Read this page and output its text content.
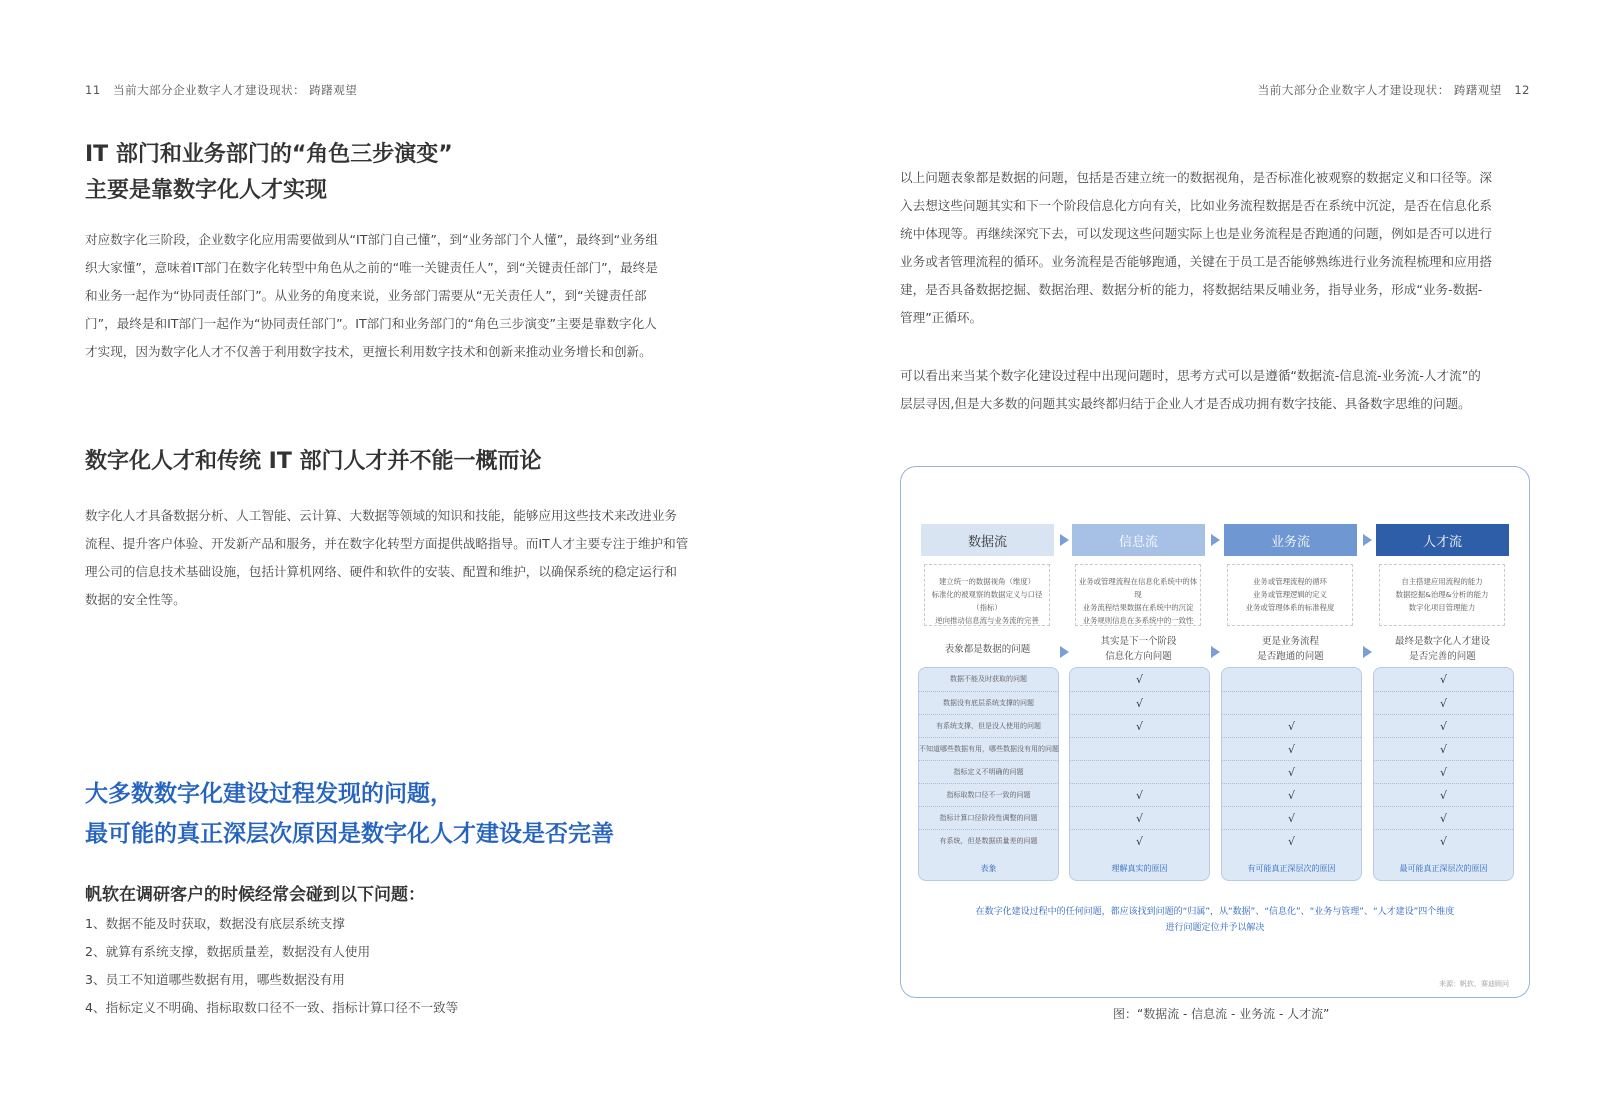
11 当前大部分企业数字人才建设现状： 踌躇观望	当前大部分企业数字人才建设现状： 踌躇观望 12
IT 部门和业务部门的“角色三步演变”
主要是靠数字化人才实现
对应数字化三阶段，企业数字化应用需要做到从“IT部门自己懂”，到“业务部门个人懂”，最终到“业务组
织大家懂”，意味着IT部门在数字化转型中角色从之前的“唯一关键责任人”，到“关键责任部门”，最终是
和业务一起作为“协同责任部门”。从业务的角度来说，业务部门需要从“无关责任人”，到“关键责任部
门”，最终是和IT部门一起作为“协同责任部门”。IT部门和业务部门的“角色三步演变”主要是靠数字化人
才实现，因为数字化人才不仅善于利用数字技术，更擅长利用数字技术和创新来推动业务增长和创新。
数字化人才和传统 IT 部门人才并不能一概而论
数字化人才具备数据分析、人工智能、云计算、大数据等领域的知识和技能，能够应用这些技术来改进业务
流程、提升客户体验、开发新产品和服务，并在数字化转型方面提供战略指导。而IT人才主要专注于维护和管
理公司的信息技术基础设施，包括计算机网络、硬件和软件的安装、配置和维护，以确保系统的稳定运行和
数据的安全性等。
大多数数字化建设过程发现的问题，
最可能的真正深层次原因是数字化人才建设是否完善
帆软在调研客户的时候经常会碰到以下问题：
1、数据不能及时获取，数据没有底层系统支撑
2、就算有系统支撑，数据质量差，数据没有人使用
3、员工不知道哪些数据有用，哪些数据没有用
4、指标定义不明确、指标取数口径不一致、指标计算口径不一致等
以上问题表象都是数据的问题，包括是否建立统一的数据视角，是否标准化被观察的数据定义和口径等。深
入去想这些问题其实和下一个阶段信息化方向有关，比如业务流程数据是否在系统中沉淀，是否在信息化系
统中体现等。再继续深究下去，可以发现这些问题实际上也是业务流程是否跑通的问题，例如是否可以进行
业务或者管理流程的循环。业务流程是否能够跑通，关键在于员工是否能够熟练进行业务流程梳理和应用搭
建，是否具备数据挖掘、数据治理、数据分析的能力，将数据结果反哺业务，指导业务，形成“业务-数据-
管理”正循环。
可以看出来当某个数字化建设过程中出现问题时，思考方式可以是遵循“数据流-信息流-业务流-人才流”的
层层寻因,但是大多数的问题其实最终都归结于企业人才是否成功拥有数字技能、具备数字思维的问题。
数据流
建立统一的数据视角（维度）
标准化的被观察的数据定义与口径（指标）
逆向推动信息流与业务流的完善
表象都是数据的问题
数据不能及时获取的问题
数据没有底层系统支撑的问题
有系统支撑，但是没人使用的问题
不知道哪些数据有用，哪些数据没有用的问题
指标定义不明确的问题
指标取数口径不一致的问题
指标计算口径阶段性调整的问题
有系统，但是数据质量差的问题
表象
信息流
业务或管理流程在信息化系统中的体现
业务流程结果数据在系统中的沉淀
业务规则信息在多系统中的一致性
其实是下一个阶段
信息化方向问题
√
√
√
√
√
√
理解真实的原因
业务流
业务或管理流程的循环
业务或管理逻辑的定义
业务或管理体系的标准程度
更是业务流程
是否跑通的问题
√
√
√
√
√
√
有可能真正深层次的原因
人才流
自主搭建应用流程的能力
数据挖掘&治理&分析的能力
数字化项目管理能力
最终是数字化人才建设
是否完善的问题
√
√
√
√
√
√
√
√
最可能真正深层次的原因
在数字化建设过程中的任何问题，都应该找到问题的“归属”，从“数据”、“信息化”、“业务与管理”、“人才建设”四个维度
进行问题定位并予以解决
来源：帆软、赛迪顾问
图：“数据流 - 信息流 - 业务流 - 人才流”
